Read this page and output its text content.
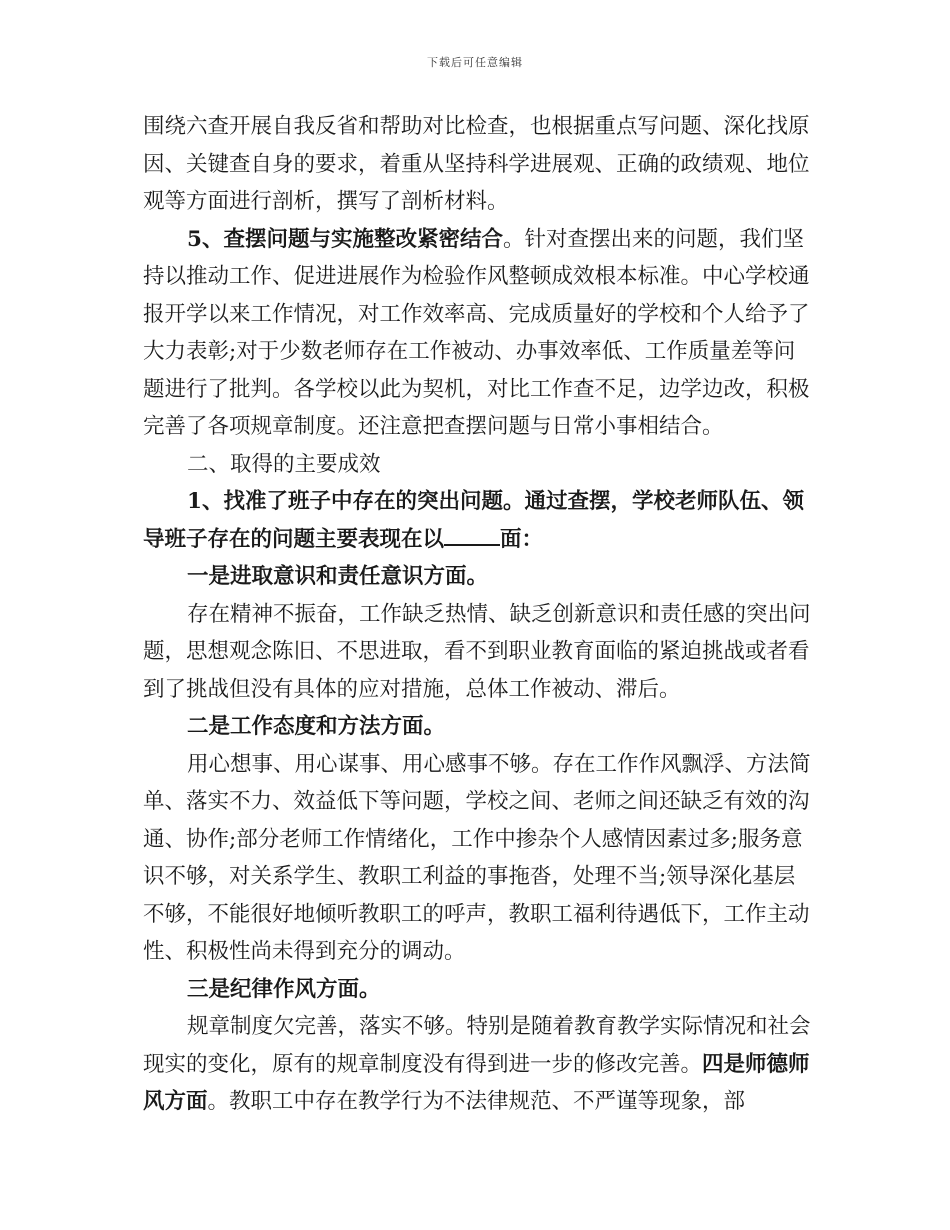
下载后可任意编辑

围绕六查开展自我反省和帮助对比检查，也根据重点写问题、深化找原因、关键查自身的要求，着重从坚持科学进展观、正确的政绩观、地位观等方面进行剖析，撰写了剖析材料。

5、查摆问题与实施整改紧密结合。针对查摆出来的问题，我们坚持以推动工作、促进进展作为检验作风整顿成效根本标准。中心学校通报开学以来工作情况，对工作效率高、完成质量好的学校和个人给予了大力表彰;对于少数老师存在工作被动、办事效率低、工作质量差等问题进行了批判。各学校以此为契机，对比工作查不足，边学边改，积极完善了各项规章制度。还注意把查摆问题与日常小事相结合。

二、取得的主要成效

1、找准了班子中存在的突出问题。通过查摆，学校老师队伍、领导班子存在的问题主要表现在以	面：

一是进取意识和责任意识方面。

存在精神不振奋，工作缺乏热情、缺乏创新意识和责任感的突出问题，思想观念陈旧、不思进取，看不到职业教育面临的紧迫挑战或者看到了挑战但没有具体的应对措施，总体工作被动、滞后。

二是工作态度和方法方面。

用心想事、用心谋事、用心感事不够。存在工作作风飘浮、方法简单、落实不力、效益低下等问题，学校之间、老师之间还缺乏有效的沟通、协作;部分老师工作情绪化，工作中掺杂个人感情因素过多;服务意识不够，对关系学生、教职工利益的事拖沓，处理不当;领导深化基层不够，不能很好地倾听教职工的呼声，教职工福利待遇低下，工作主动性、积极性尚未得到充分的调动。

三是纪律作风方面。

规章制度欠完善，落实不够。特别是随着教育教学实际情况和社会现实的变化，原有的规章制度没有得到进一步的修改完善。四是师德师风方面。教职工中存在教学行为不法律规范、不严谨等现象，部
